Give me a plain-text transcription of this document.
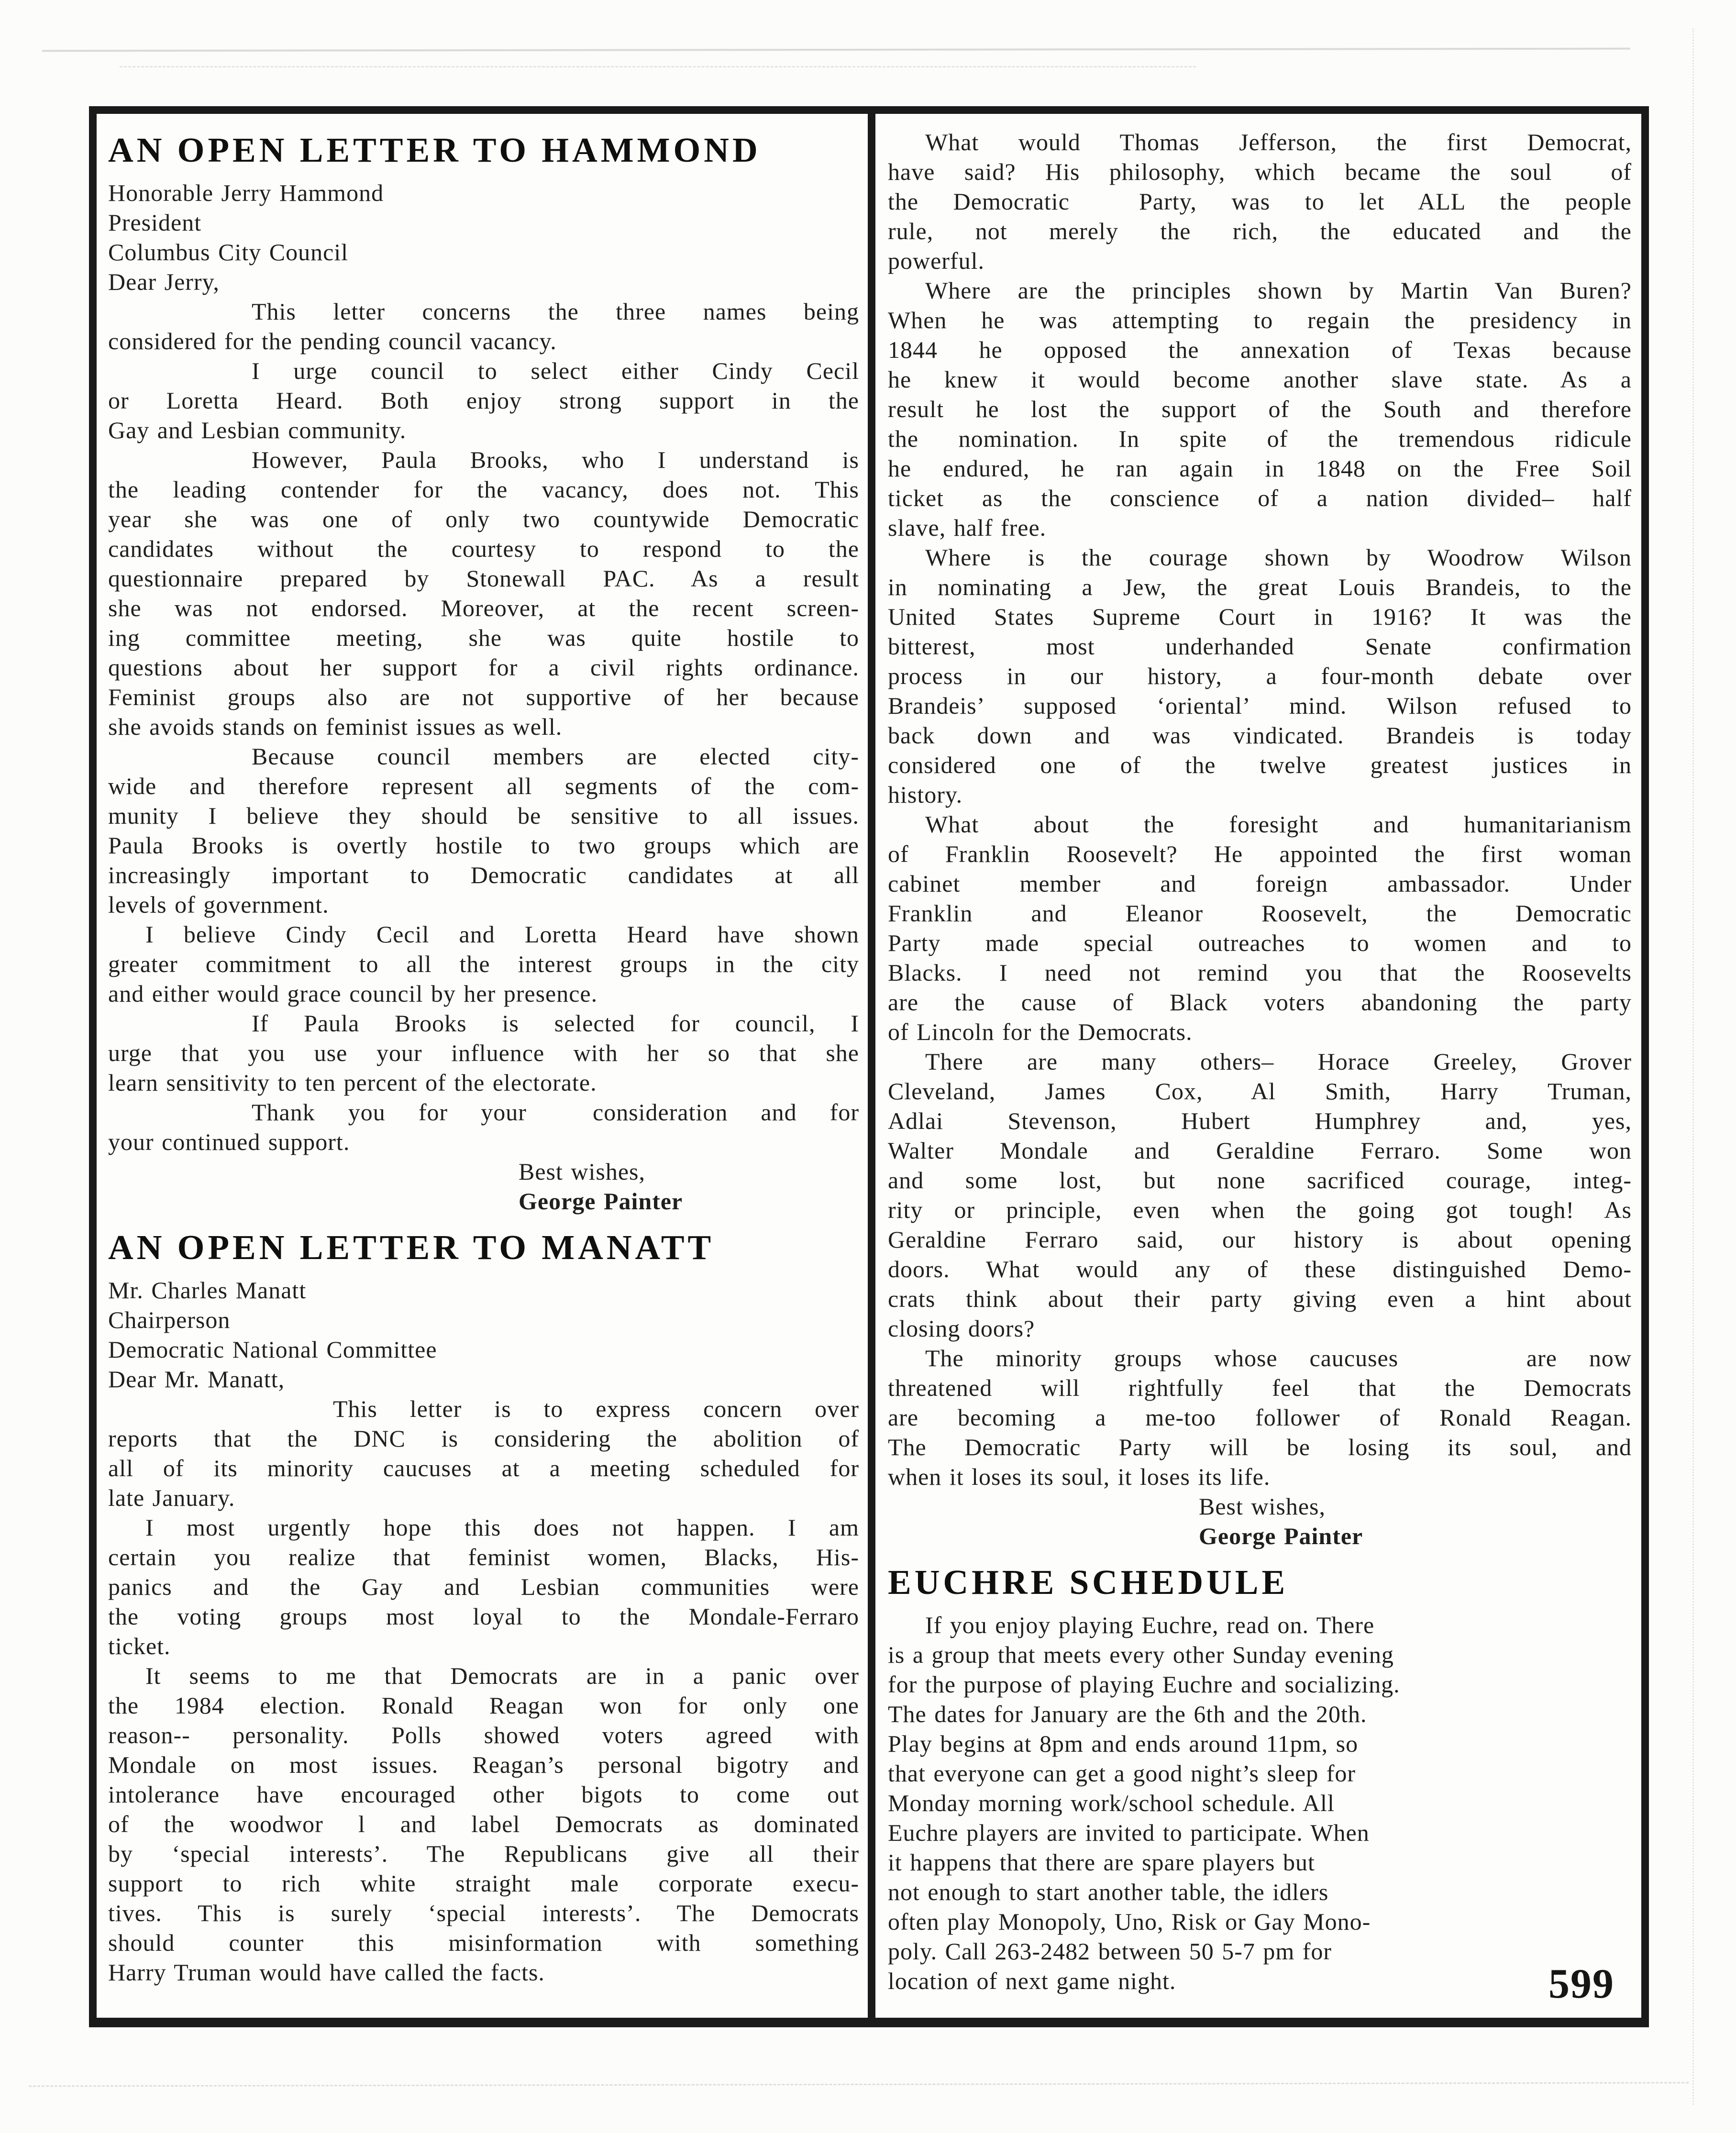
AN OPEN LETTER TO HAMMOND
Honorable Jerry Hammond
President
Columbus City Council
Dear Jerry,
This letter concerns the three names being
considered for the pending council vacancy.
I urge council to select either Cindy Cecil
or Loretta Heard. Both enjoy strong support in the
Gay and Lesbian community.
However, Paula Brooks, who I understand is
the leading contender for the vacancy, does not. This
year she was one of only two countywide Democratic
candidates without the courtesy to respond to the
questionnaire prepared by Stonewall PAC. As a result
she was not endorsed. Moreover, at the recent screen-
ing committee meeting, she was quite hostile to
questions about her support for a civil rights ordinance.
Feminist groups also are not supportive of her because
she avoids stands on feminist issues as well.
Because council members are elected city-
wide and therefore represent all segments of the com-
munity I believe they should be sensitive to all issues.
Paula Brooks is overtly hostile to two groups which are
increasingly important to Democratic candidates at all
levels of government.
I believe Cindy Cecil and Loretta Heard have shown
greater commitment to all the interest groups in the city
and either would grace council by her presence.
If Paula Brooks is selected for council, I
urge that you use your influence with her so that she
learn sensitivity to ten percent of the electorate.
Thank you for your  consideration and for
your continued support.
Best wishes,
George Painter
AN OPEN LETTER TO MANATT
Mr. Charles Manatt
Chairperson
Democratic National Committee
Dear Mr. Manatt,
This letter is to express concern over
reports that the DNC is considering the abolition of
all of its minority caucuses at a meeting scheduled for
late January.
I most urgently hope this does not happen. I am
certain you realize that feminist women, Blacks, His-
panics and the Gay and Lesbian communities were
the voting groups most loyal to the Mondale-Ferraro
ticket.
It seems to me that Democrats are in a panic over
the 1984 election. Ronald Reagan won for only one
reason-- personality. Polls showed voters agreed with
Mondale on most issues. Reagan’s personal bigotry and
intolerance have encouraged other bigots to come out
of the woodwor l and label Democrats as dominated
by ‘special interests’. The Republicans give all their
support to rich white straight male corporate execu-
tives. This is surely ‘special interests’. The Democrats
should counter this misinformation with something
Harry Truman would have called the facts.
What would Thomas Jefferson, the first Democrat,
have said? His philosophy, which became the soul  of
the Democratic  Party, was to let ALL the people
rule, not merely the rich, the educated and the
powerful.
Where are the principles shown by Martin Van Buren?
When he was attempting to regain the presidency in
1844 he opposed the annexation of Texas because
he knew it would become another slave state. As a
result he lost the support of the South and therefore
the nomination. In spite of the tremendous ridicule
he endured, he ran again in 1848 on the Free Soil
ticket as the conscience of a nation divided– half
slave, half free.
Where is the courage shown by Woodrow Wilson
in nominating a Jew, the great Louis Brandeis, to the
United States Supreme Court in 1916? It was the
bitterest, most underhanded Senate confirmation
process in our history, a four-month debate over
Brandeis’ supposed ‘oriental’ mind. Wilson refused to
back down and was vindicated. Brandeis is today
considered one of the twelve greatest justices in
history.
What about the foresight and humanitarianism
of Franklin Roosevelt? He appointed the first woman
cabinet member and foreign ambassador. Under
Franklin and Eleanor Roosevelt, the Democratic
Party made special outreaches to women and to
Blacks. I need not remind you that the Roosevelts
are the cause of Black voters abandoning the party
of Lincoln for the Democrats.
There are many others– Horace Greeley, Grover
Cleveland, James Cox, Al Smith, Harry Truman,
Adlai Stevenson, Hubert Humphrey and, yes,
Walter Mondale and Geraldine Ferraro. Some won
and some lost, but none sacrificed courage, integ-
rity or principle, even when the going got tough! As
Geraldine Ferraro said, our history is about opening
doors. What would any of these distinguished Demo-
crats think about their party giving even a hint about
closing doors?
The minority groups whose caucuses    are now
threatened will rightfully feel that the Democrats
are becoming a me-too follower of Ronald Reagan.
The Democratic Party will be losing its soul, and
when it loses its soul, it loses its life.
Best wishes,
George Painter
EUCHRE SCHEDULE
If you enjoy playing Euchre, read on. There
is a group that meets every other Sunday evening
for the purpose of playing Euchre and socializing.
The dates for January are the 6th and the 20th.
Play begins at 8pm and ends around 11pm, so
that everyone can get a good night’s sleep for
Monday morning work/school schedule. All
Euchre players are invited to participate. When
it happens that there are spare players but
not enough to start another table, the idlers
often play Monopoly, Uno, Risk or Gay Mono-
poly. Call 263-2482 between 50 5-7 pm for
location of next game night.	599
